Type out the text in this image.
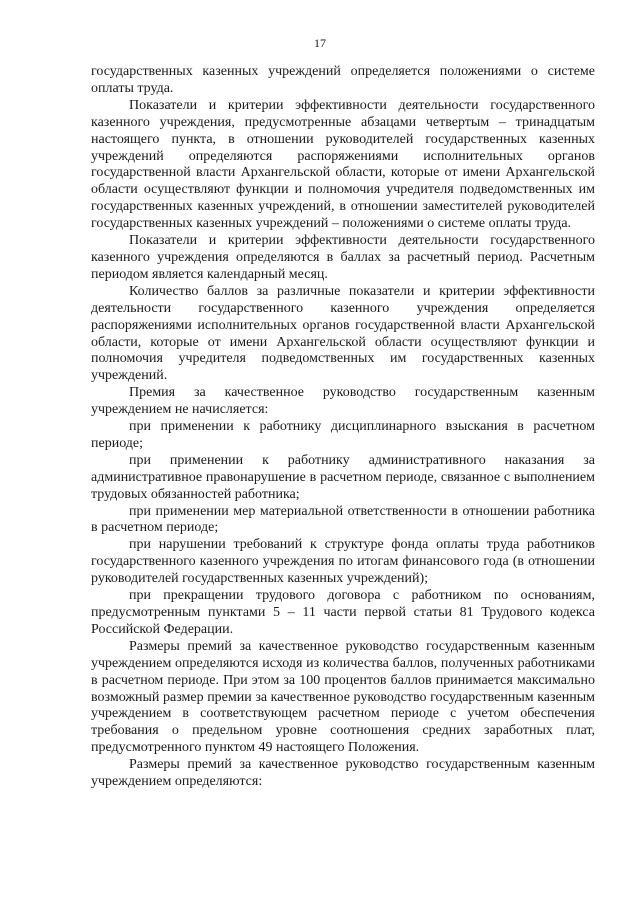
17

государственных казенных учреждений определяется положениями о системе оплаты труда.

Показатели и критерии эффективности деятельности государственного казенного учреждения, предусмотренные абзацами четвертым – тринадцатым настоящего пункта, в отношении руководителей государственных казенных учреждений определяются распоряжениями исполнительных органов государственной власти Архангельской области, которые от имени Архангельской области осуществляют функции и полномочия учредителя подведомственных им государственных казенных учреждений, в отношении заместителей руководителей государственных казенных учреждений – положениями о системе оплаты труда.

Показатели и критерии эффективности деятельности государственного казенного учреждения определяются в баллах за расчетный период. Расчетным периодом является календарный месяц.

Количество баллов за различные показатели и критерии эффективности деятельности государственного казенного учреждения определяется распоряжениями исполнительных органов государственной власти Архангельской области, которые от имени Архангельской области осуществляют функции и полномочия учредителя подведомственных им государственных казенных учреждений.

Премия за качественное руководство государственным казенным учреждением не начисляется:

при применении к работнику дисциплинарного взыскания в расчетном периоде;

при применении к работнику административного наказания за административное правонарушение в расчетном периоде, связанное с выполнением трудовых обязанностей работника;

при применении мер материальной ответственности в отношении работника в расчетном периоде;

при нарушении требований к структуре фонда оплаты труда работников государственного казенного учреждения по итогам финансового года (в отношении руководителей государственных казенных учреждений);

при прекращении трудового договора с работником по основаниям, предусмотренным пунктами 5 – 11 части первой статьи 81 Трудового кодекса Российской Федерации.

Размеры премий за качественное руководство государственным казенным учреждением определяются исходя из количества баллов, полученных работниками в расчетном периоде. При этом за 100 процентов баллов принимается максимально возможный размер премии за качественное руководство государственным казенным учреждением в соответствующем расчетном периоде с учетом обеспечения требования о предельном уровне соотношения средних заработных плат, предусмотренного пунктом 49 настоящего Положения.

Размеры премий за качественное руководство государственным казенным учреждением определяются:
